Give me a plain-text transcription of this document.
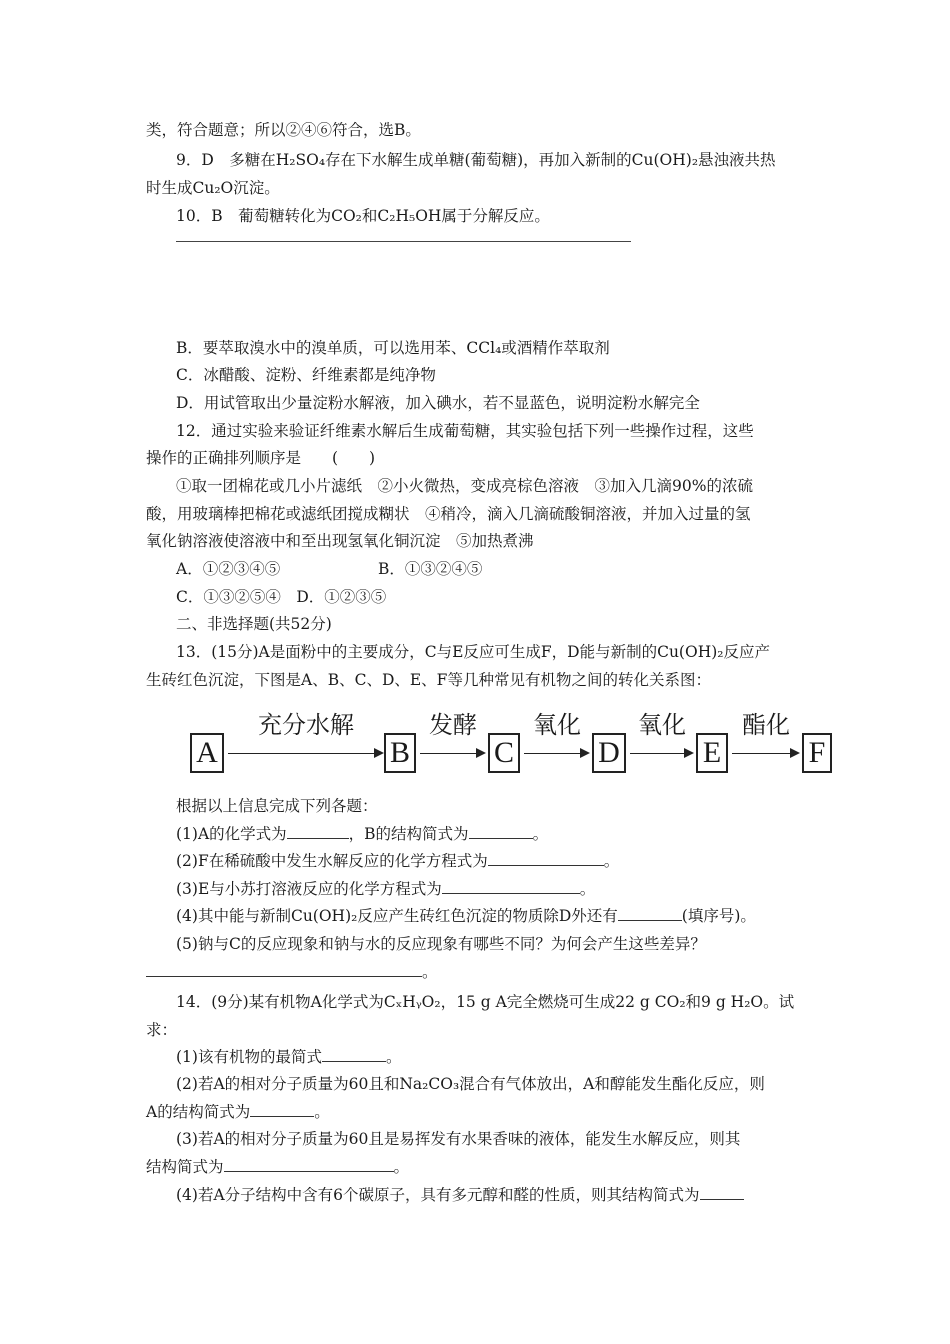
类，符合题意；所以②④⑥符合，选B。
9．D　多糖在H₂SO₄存在下水解生成单糖(葡萄糖)，再加入新制的Cu(OH)₂悬浊液共热
时生成Cu₂O沉淀。
10．B　葡萄糖转化为CO₂和C₂H₅OH属于分解反应。
B．要萃取溴水中的溴单质，可以选用苯、CCl₄或酒精作萃取剂
C．冰醋酸、淀粉、纤维素都是纯净物
D．用试管取出少量淀粉水解液，加入碘水，若不显蓝色，说明淀粉水解完全
12．通过实验来验证纤维素水解后生成葡萄糖，其实验包括下列一些操作过程，这些
操作的正确排列顺序是　　(　　)
①取一团棉花或几小片滤纸　②小火微热，变成亮棕色溶液　③加入几滴90%的浓硫
酸，用玻璃棒把棉花或滤纸团搅成糊状　④稍冷，滴入几滴硫酸铜溶液，并加入过量的氢
氧化钠溶液使溶液中和至出现氢氧化铜沉淀　⑤加热煮沸
A．①②③④⑤	B．①③②④⑤
C．①③②⑤④　D．①②③⑤
二、非选择题(共52分)
13．(15分)A是面粉中的主要成分，C与E反应可生成F，D能与新制的Cu(OH)₂反应产
生砖红色沉淀，下图是A、B、C、D、E、F等几种常见有机物之间的转化关系图：
A
充分水解
B
发酵
C
氧化
D
氧化
E
酯化
F
根据以上信息完成下列各题：
(1)A的化学式为	，B的结构简式为	。
(2)F在稀硫酸中发生水解反应的化学方程式为	。
(3)E与小苏打溶液反应的化学方程式为	。
(4)其中能与新制Cu(OH)₂反应产生砖红色沉淀的物质除D外还有	(填序号)。
(5)钠与C的反应现象和钠与水的反应现象有哪些不同？为何会产生这些差异？
。
14．(9分)某有机物A化学式为CₓHᵧO₂，15 g A完全燃烧可生成22 g CO₂和9 g H₂O。试
求：
(1)该有机物的最简式	。
(2)若A的相对分子质量为60且和Na₂CO₃混合有气体放出，A和醇能发生酯化反应，则
A的结构简式为	。
(3)若A的相对分子质量为60且是易挥发有水果香味的液体，能发生水解反应，则其
结构简式为	。
(4)若A分子结构中含有6个碳原子，具有多元醇和醛的性质，则其结构简式为
